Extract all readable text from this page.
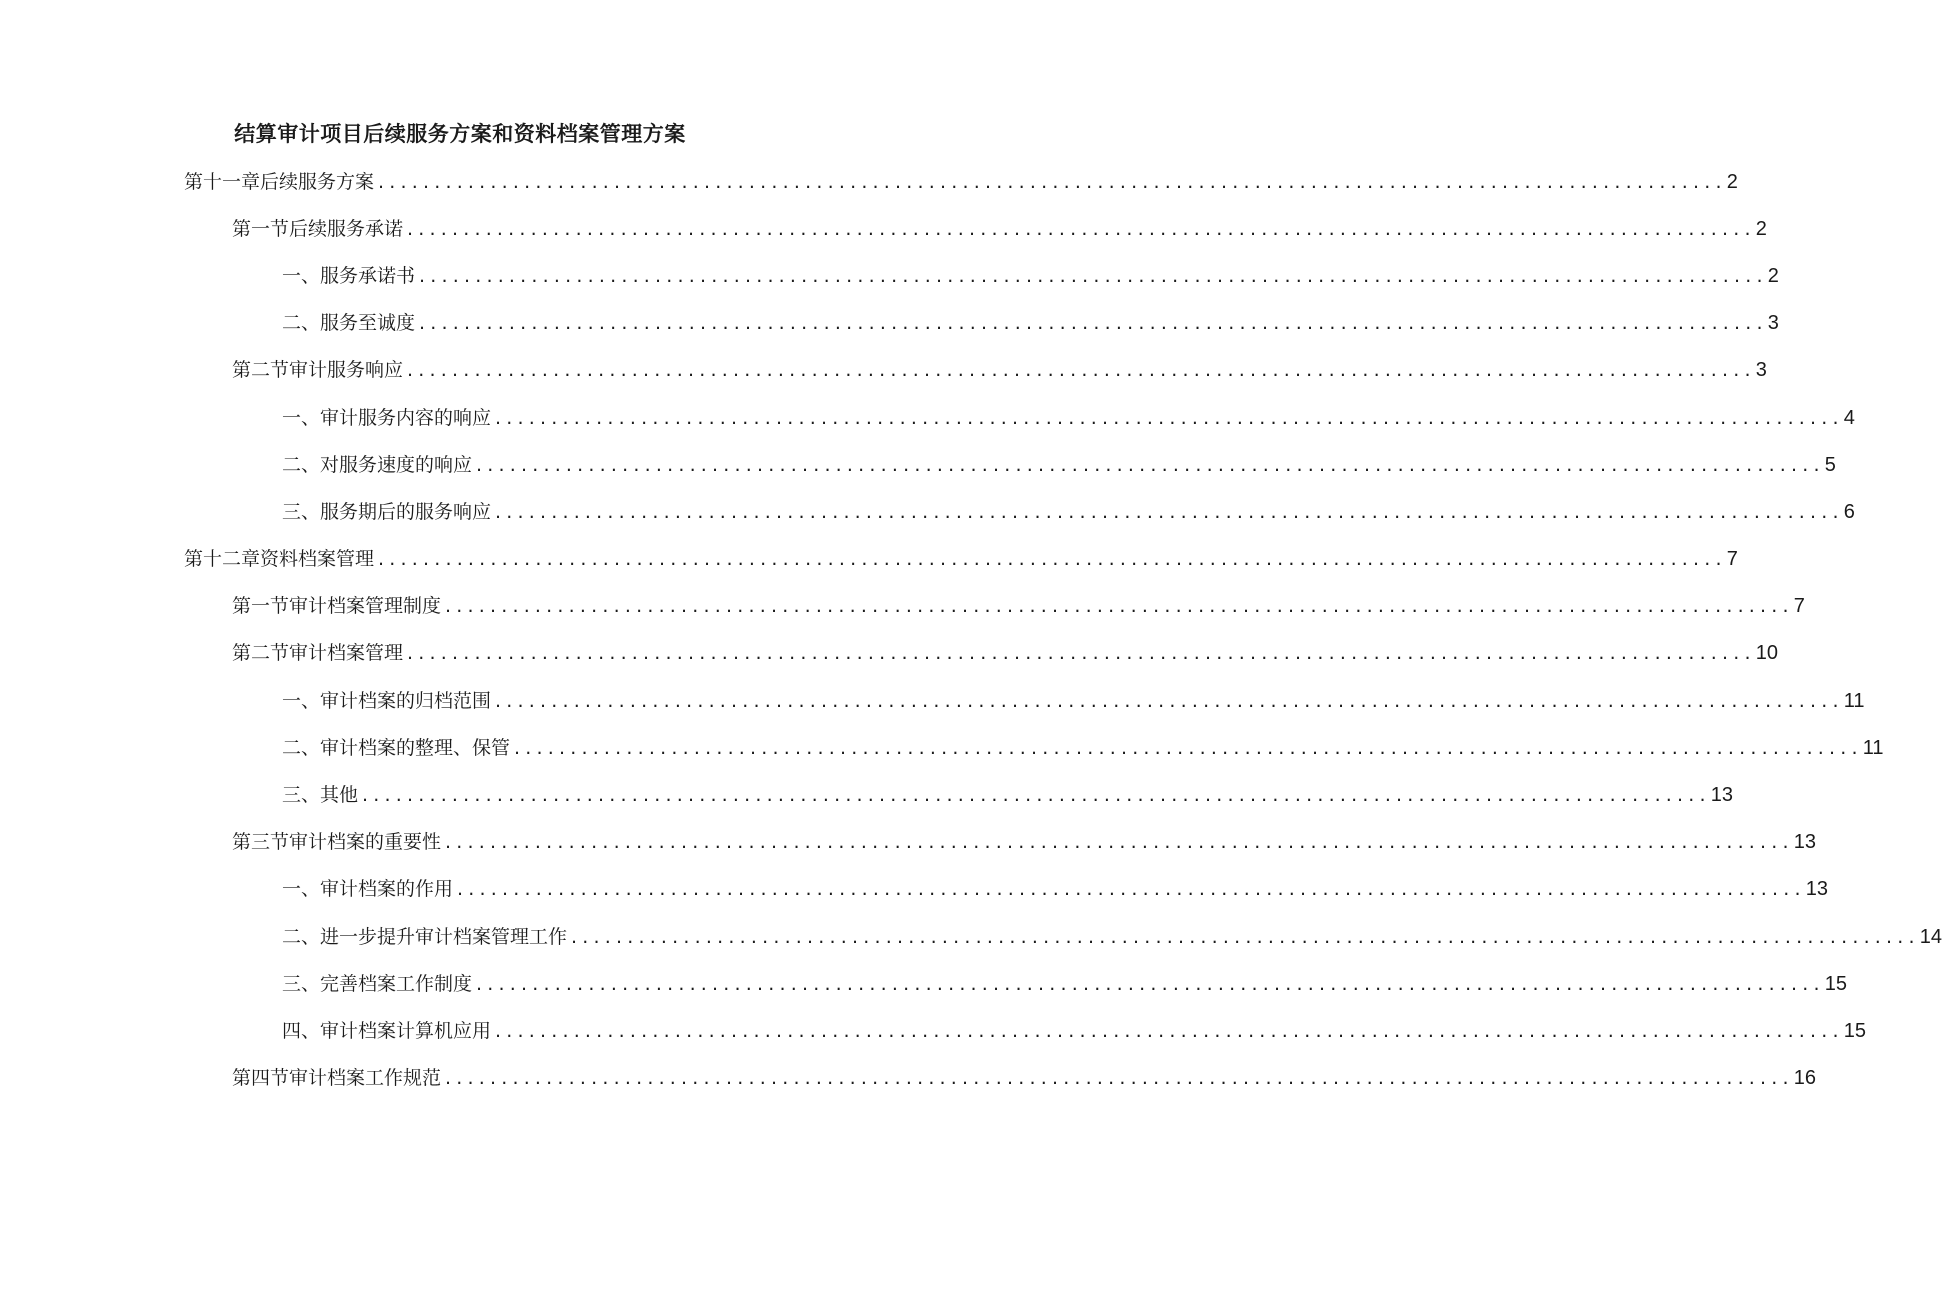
结算审计项目后续服务方案和资料档案管理方案
第十一章后续服务方案 ........................................................................................................................ 2
第一节后续服务承诺 ........................................................................................................................ 2
一、服务承诺书 ........................................................................................................................ 2
二、服务至诚度 ........................................................................................................................ 3
第二节审计服务响应 ........................................................................................................................ 3
一、审计服务内容的响应 ........................................................................................................................ 4
二、对服务速度的响应 ........................................................................................................................ 5
三、服务期后的服务响应 ........................................................................................................................ 6
第十二章资料档案管理 ........................................................................................................................ 7
第一节审计档案管理制度 ........................................................................................................................ 7
第二节审计档案管理 ........................................................................................................................ 10
一、审计档案的归档范围 ........................................................................................................................ 11
二、审计档案的整理、保管 ........................................................................................................................ 11
三、其他 ........................................................................................................................ 13
第三节审计档案的重要性 ........................................................................................................................ 13
一、审计档案的作用 ........................................................................................................................ 13
二、进一步提升审计档案管理工作 ........................................................................................................................ 14
三、完善档案工作制度 ........................................................................................................................ 15
四、审计档案计算机应用 ........................................................................................................................ 15
第四节审计档案工作规范 ........................................................................................................................ 16
